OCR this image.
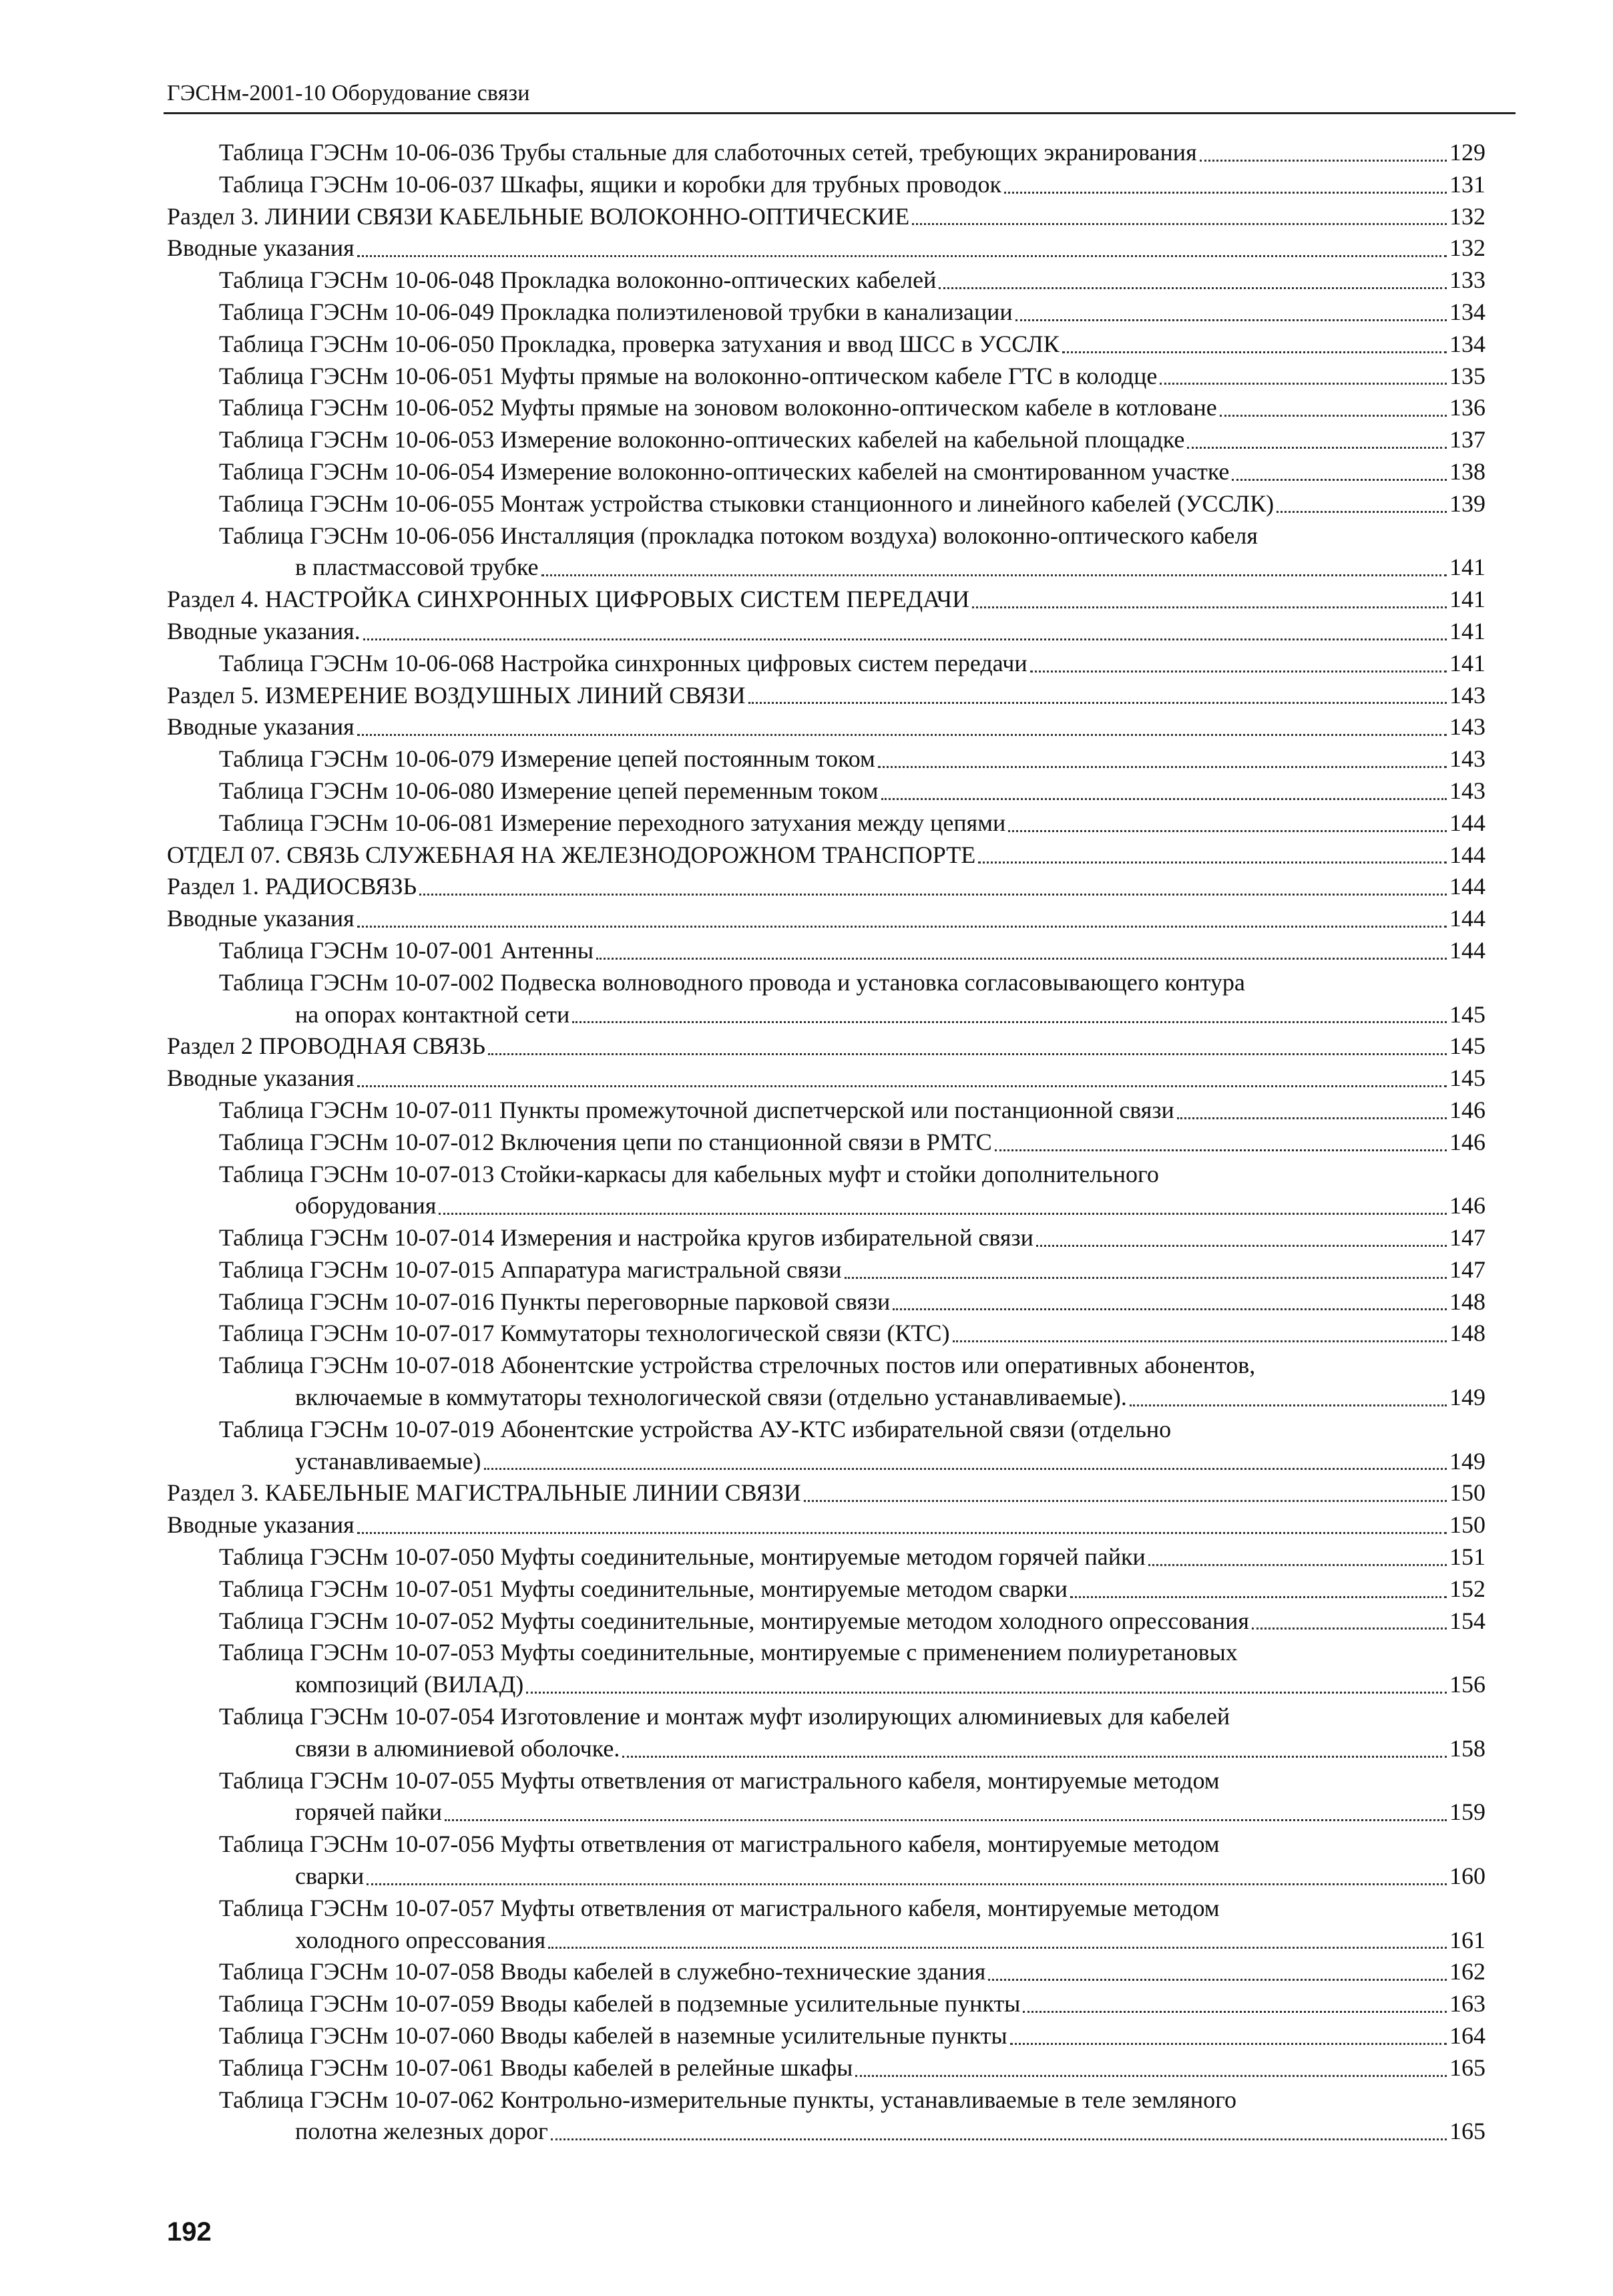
ГЭСНм-2001-10 Оборудование связи
Таблица ГЭСНм 10-06-036 Трубы стальные для слаботочных сетей, требующих экранирования	129
Таблица ГЭСНм 10-06-037 Шкафы, ящики и коробки для трубных проводок	131
Раздел 3. ЛИНИИ СВЯЗИ КАБЕЛЬНЫЕ ВОЛОКОННО-ОПТИЧЕСКИЕ	132
Вводные указания	132
Таблица ГЭСНм 10-06-048 Прокладка волоконно-оптических кабелей	133
Таблица ГЭСНм 10-06-049 Прокладка полиэтиленовой трубки в канализации	134
Таблица ГЭСНм 10-06-050 Прокладка, проверка затухания и ввод ШСС в УССЛК	134
Таблица ГЭСНм 10-06-051 Муфты прямые на волоконно-оптическом кабеле ГТС в колодце	135
Таблица ГЭСНм 10-06-052 Муфты прямые на зоновом волоконно-оптическом кабеле в котловане	136
Таблица ГЭСНм 10-06-053 Измерение волоконно-оптических кабелей на кабельной площадке	137
Таблица ГЭСНм 10-06-054 Измерение волоконно-оптических кабелей на смонтированном участке	138
Таблица ГЭСНм 10-06-055 Монтаж устройства стыковки станционного и линейного кабелей (УССЛК)	139
Таблица ГЭСНм 10-06-056 Инсталляция (прокладка потоком воздуха) волоконно-оптического кабеля
в пластмассовой трубке	141
Раздел 4. НАСТРОЙКА СИНХРОННЫХ ЦИФРОВЫХ СИСТЕМ ПЕРЕДАЧИ	141
Вводные указания.	141
Таблица ГЭСНм 10-06-068 Настройка синхронных цифровых систем передачи	141
Раздел 5. ИЗМЕРЕНИЕ ВОЗДУШНЫХ ЛИНИЙ СВЯЗИ	143
Вводные указания	143
Таблица ГЭСНм 10-06-079 Измерение цепей постоянным током	143
Таблица ГЭСНм 10-06-080 Измерение цепей переменным током	143
Таблица ГЭСНм 10-06-081 Измерение переходного затухания между цепями	144
ОТДЕЛ 07. СВЯЗЬ СЛУЖЕБНАЯ НА ЖЕЛЕЗНОДОРОЖНОМ ТРАНСПОРТЕ	144
Раздел 1. РАДИОСВЯЗЬ	144
Вводные указания	144
Таблица ГЭСНм 10-07-001 Антенны	144
Таблица ГЭСНм 10-07-002 Подвеска волноводного провода и установка согласовывающего контура
на опорах контактной сети	145
Раздел 2 ПРОВОДНАЯ СВЯЗЬ	145
Вводные указания	145
Таблица ГЭСНм 10-07-011 Пункты промежуточной диспетчерской или постанционной связи	146
Таблица ГЭСНм 10-07-012 Включения цепи по станционной связи в РМТС	146
Таблица ГЭСНм 10-07-013 Стойки-каркасы для кабельных муфт и стойки дополнительного
оборудования	146
Таблица ГЭСНм 10-07-014 Измерения и настройка кругов избирательной связи	147
Таблица ГЭСНм 10-07-015 Аппаратура магистральной связи	147
Таблица ГЭСНм 10-07-016 Пункты переговорные парковой связи	148
Таблица ГЭСНм 10-07-017 Коммутаторы технологической связи (КТС)	148
Таблица ГЭСНм 10-07-018 Абонентские устройства стрелочных постов или оперативных абонентов,
включаемые в коммутаторы технологической связи (отдельно устанавливаемые).	149
Таблица ГЭСНм 10-07-019 Абонентские устройства АУ-КТС избирательной связи (отдельно
устанавливаемые)	149
Раздел 3. КАБЕЛЬНЫЕ МАГИСТРАЛЬНЫЕ ЛИНИИ СВЯЗИ	150
Вводные указания	150
Таблица ГЭСНм 10-07-050 Муфты соединительные, монтируемые методом горячей пайки	151
Таблица ГЭСНм 10-07-051 Муфты соединительные, монтируемые методом сварки	152
Таблица ГЭСНм 10-07-052 Муфты соединительные, монтируемые методом холодного опрессования	154
Таблица ГЭСНм 10-07-053 Муфты соединительные, монтируемые с применением полиуретановых
композиций (ВИЛАД)	156
Таблица ГЭСНм 10-07-054 Изготовление и монтаж муфт изолирующих алюминиевых для кабелей
связи в алюминиевой оболочке.	158
Таблица ГЭСНм 10-07-055 Муфты ответвления от магистрального кабеля, монтируемые методом
горячей пайки	159
Таблица ГЭСНм 10-07-056 Муфты ответвления от магистрального кабеля, монтируемые методом
сварки	160
Таблица ГЭСНм 10-07-057 Муфты ответвления от магистрального кабеля, монтируемые методом
холодного опрессования	161
Таблица ГЭСНм 10-07-058 Вводы кабелей в служебно-технические здания	162
Таблица ГЭСНм 10-07-059 Вводы кабелей в подземные усилительные пункты	163
Таблица ГЭСНм 10-07-060 Вводы кабелей в наземные усилительные пункты	164
Таблица ГЭСНм 10-07-061 Вводы кабелей в релейные шкафы	165
Таблица ГЭСНм 10-07-062 Контрольно-измерительные пункты, устанавливаемые в теле земляного
полотна железных дорог	165
192
